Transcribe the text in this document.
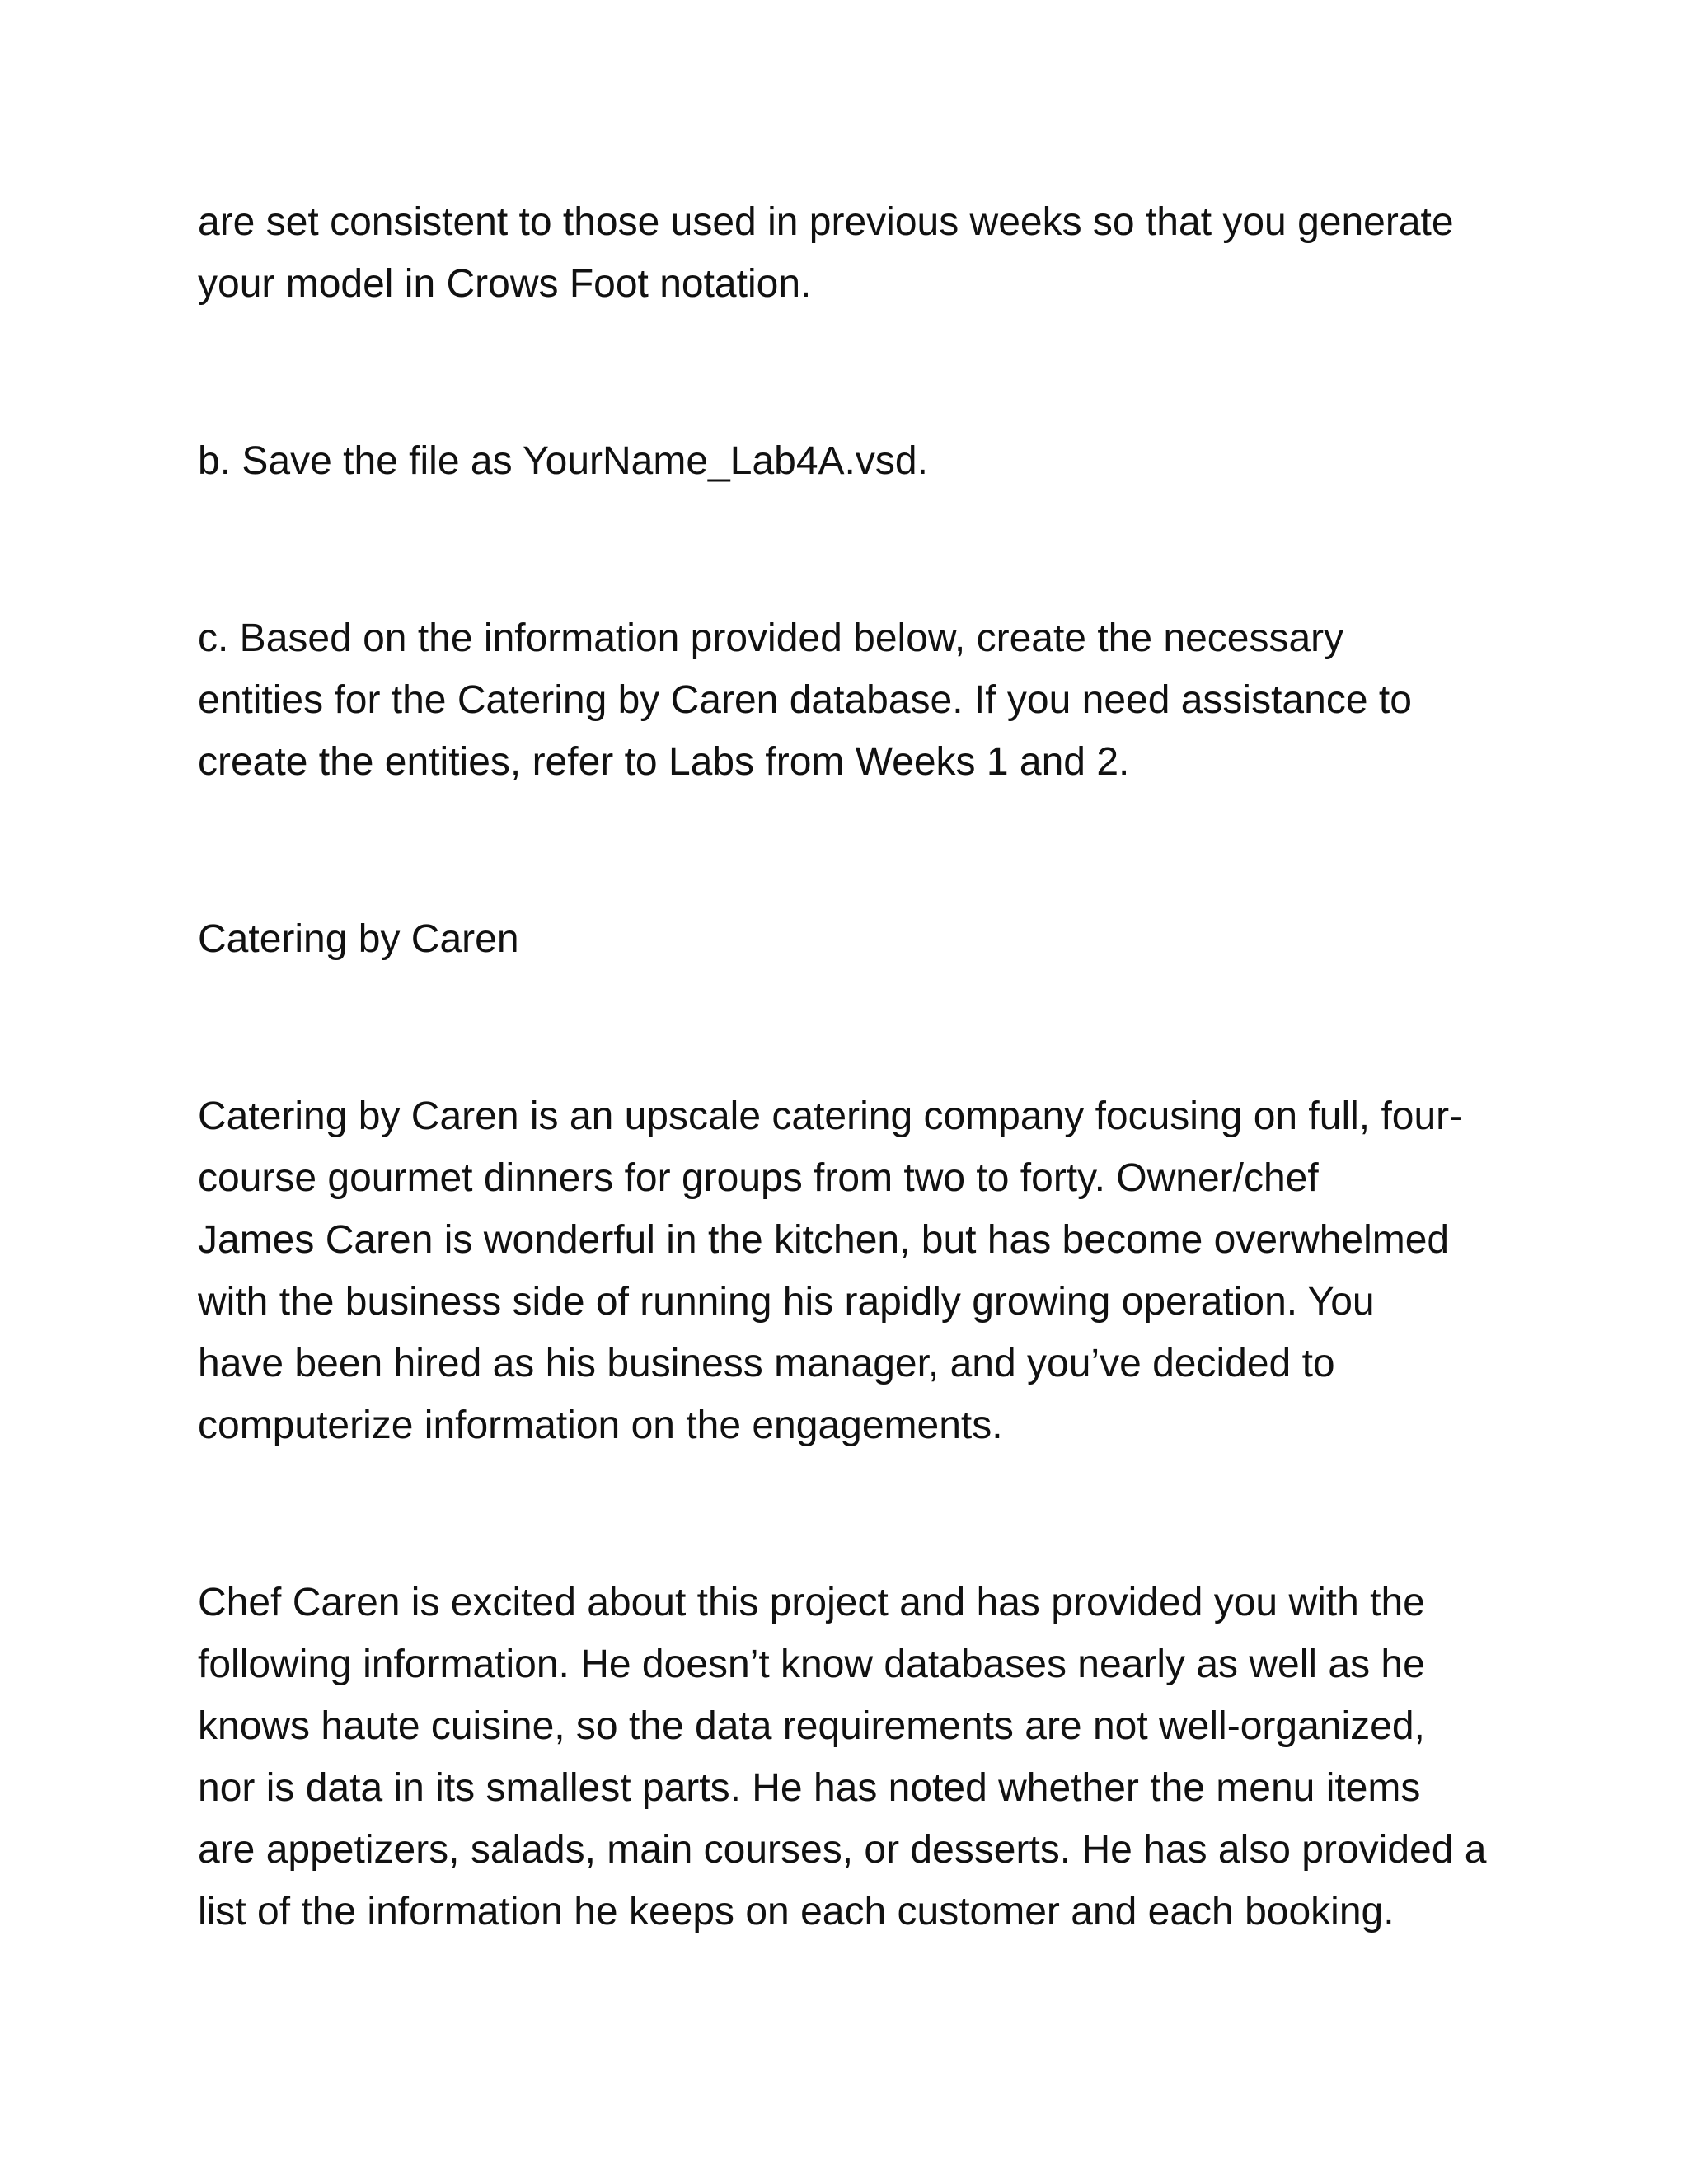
are set consistent to those used in previous weeks so that you generate
your model in Crows Foot notation.

b. Save the file as YourName_Lab4A.vsd.

c. Based on the information provided below, create the necessary
entities for the Catering by Caren database. If you need assistance to
create the entities, refer to Labs from Weeks 1 and 2.

Catering by Caren

Catering by Caren is an upscale catering company focusing on full, four-
course gourmet dinners for groups from two to forty. Owner/chef
James Caren is wonderful in the kitchen, but has become overwhelmed
with the business side of running his rapidly growing operation. You
have been hired as his business manager, and you’ve decided to
computerize information on the engagements.

Chef Caren is excited about this project and has provided you with the
following information. He doesn’t know databases nearly as well as he
knows haute cuisine, so the data requirements are not well-organized,
nor is data in its smallest parts. He has noted whether the menu items
are appetizers, salads, main courses, or desserts. He has also provided a
list of the information he keeps on each customer and each booking.
